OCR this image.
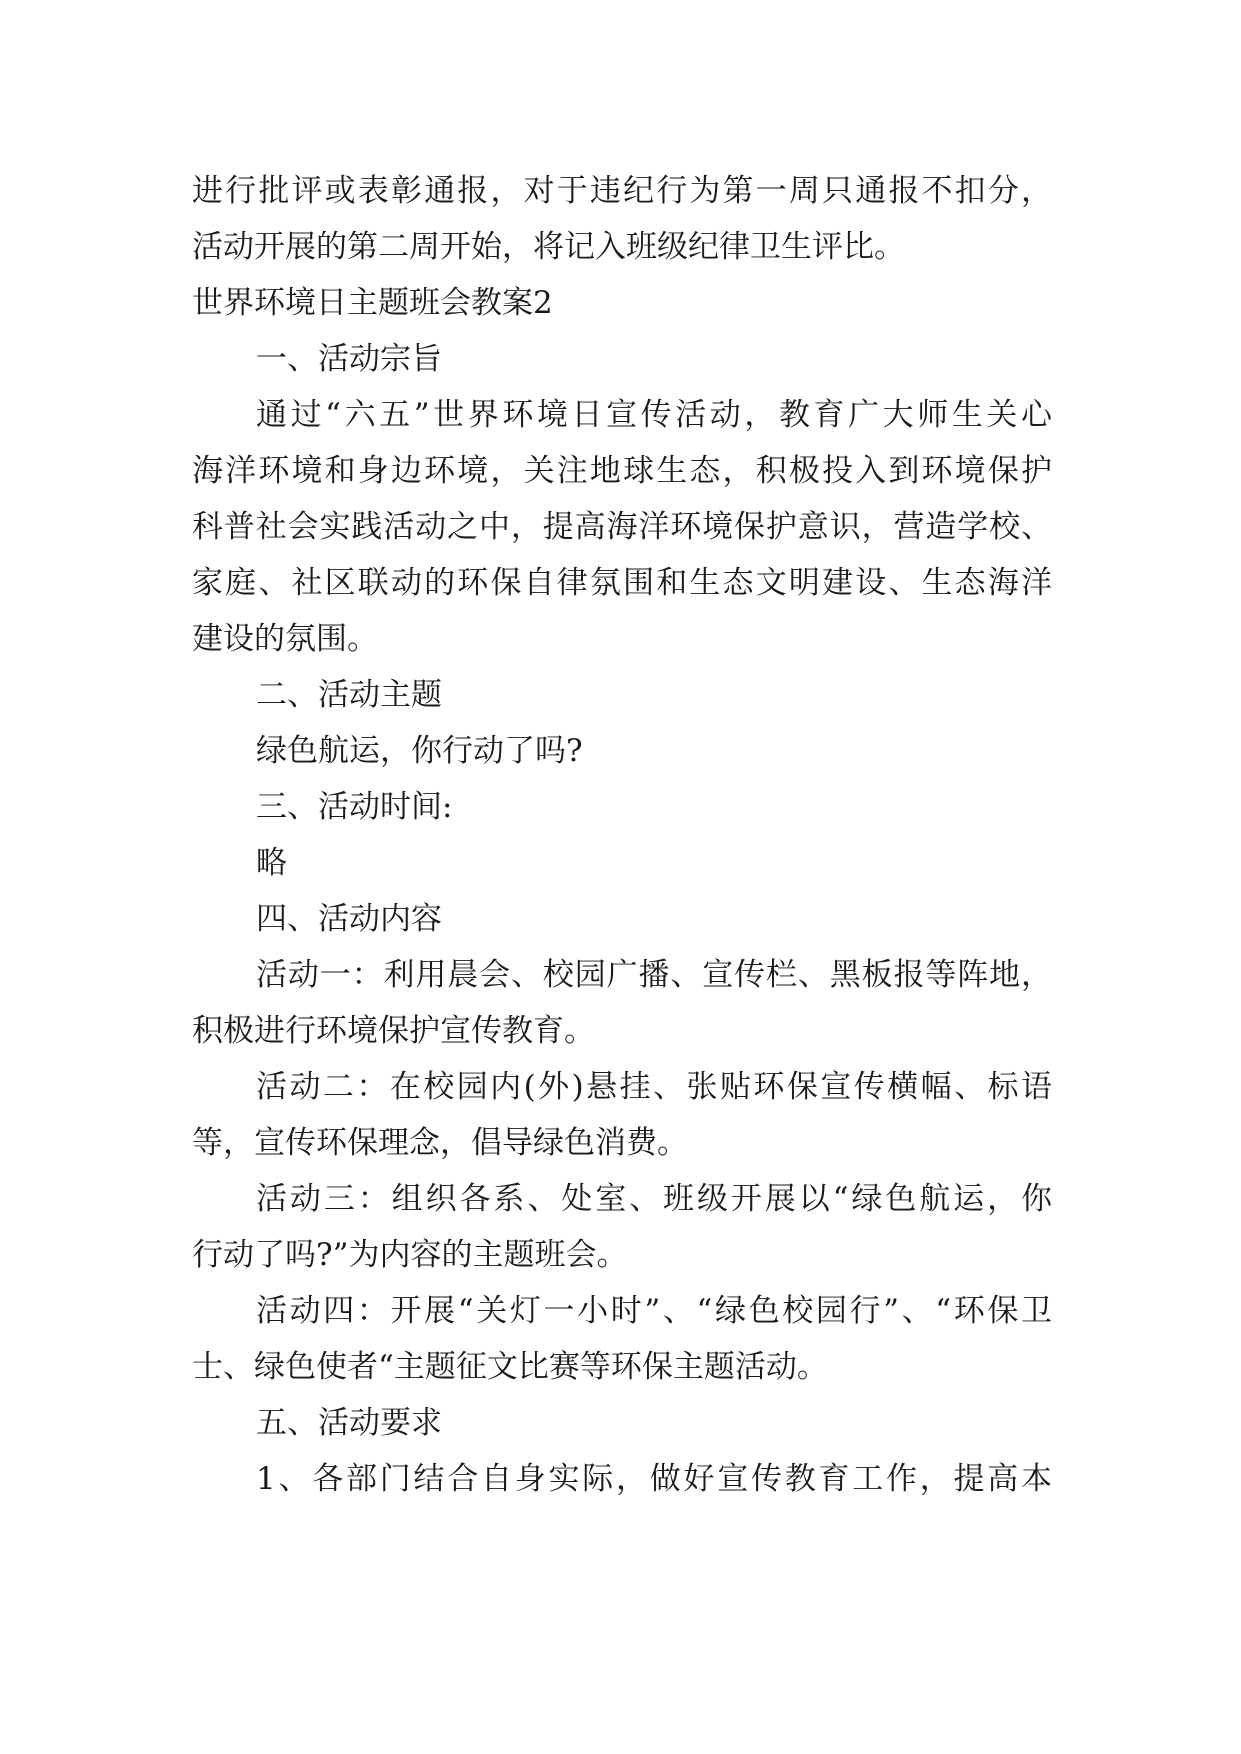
进行批评或表彰通报，对于违纪行为第一周只通报不扣分，
活动开展的第二周开始，将记入班级纪律卫生评比。
世界环境日主题班会教案2
一、活动宗旨
通过“六五”世界环境日宣传活动，教育广大师生关心
海洋环境和身边环境，关注地球生态，积极投入到环境保护
科普社会实践活动之中，提高海洋环境保护意识，营造学校、
家庭、社区联动的环保自律氛围和生态文明建设、生态海洋
建设的氛围。
二、活动主题
绿色航运，你行动了吗?
三、活动时间:
略
四、活动内容
活动一：利用晨会、校园广播、宣传栏、黑板报等阵地，
积极进行环境保护宣传教育。
活动二：在校园内(外)悬挂、张贴环保宣传横幅、标语
等，宣传环保理念，倡导绿色消费。
活动三：组织各系、处室、班级开展以“绿色航运，你
行动了吗?”为内容的主题班会。
活动四：开展“关灯一小时”、“绿色校园行”、“环保卫
士、绿色使者“主题征文比赛等环保主题活动。
五、活动要求
1、各部门结合自身实际，做好宣传教育工作，提高本
